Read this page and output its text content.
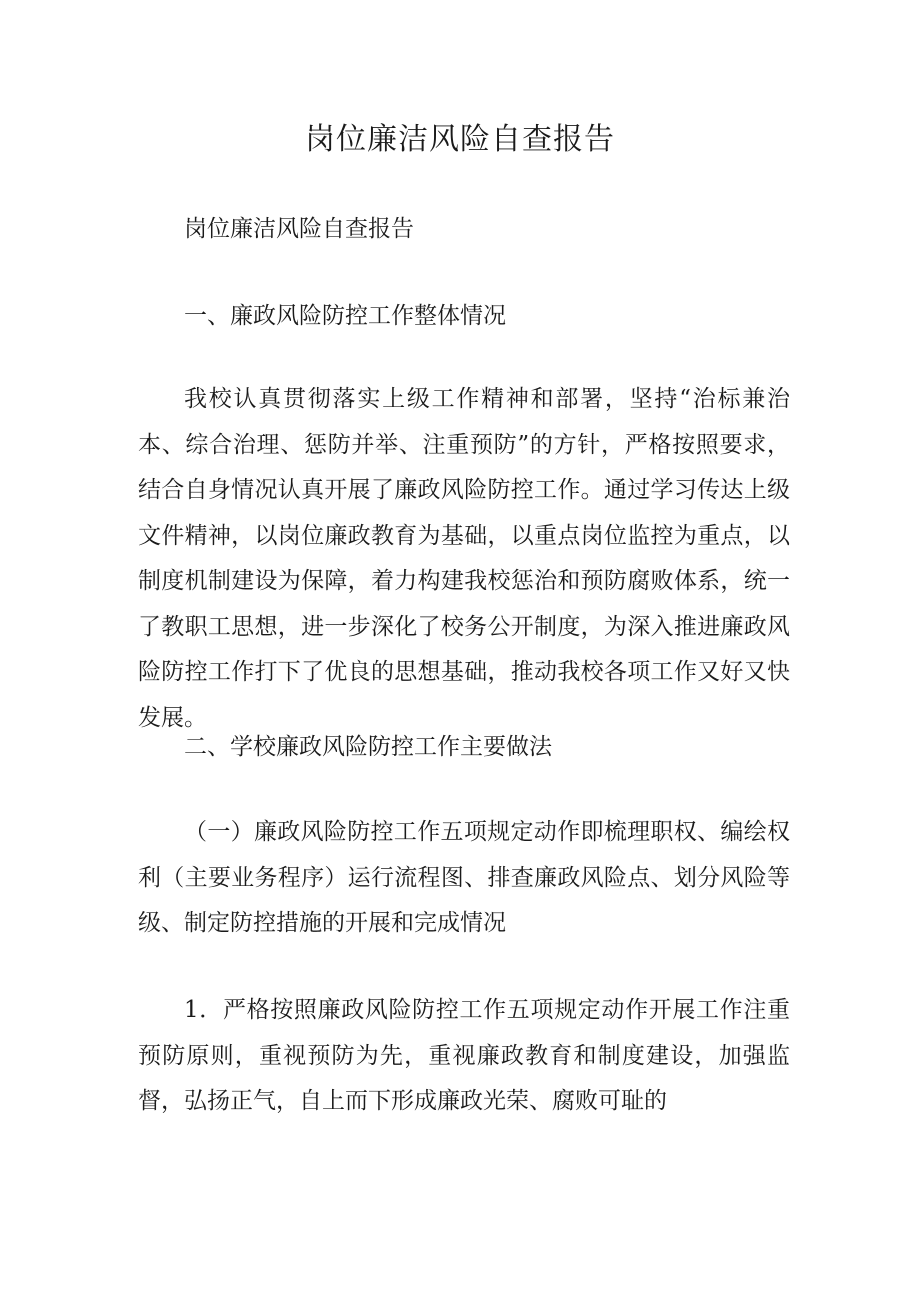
岗位廉洁风险自查报告

岗位廉洁风险自查报告

一、廉政风险防控工作整体情况

我校认真贯彻落实上级工作精神和部署，坚持“治标兼治本、综合治理、惩防并举、注重预防”的方针，严格按照要求，结合自身情况认真开展了廉政风险防控工作。通过学习传达上级文件精神，以岗位廉政教育为基础，以重点岗位监控为重点，以制度机制建设为保障，着力构建我校惩治和预防腐败体系，统一了教职工思想，进一步深化了校务公开制度，为深入推进廉政风险防控工作打下了优良的思想基础，推动我校各项工作又好又快发展。

二、学校廉政风险防控工作主要做法

（一）廉政风险防控工作五项规定动作即梳理职权、编绘权利（主要业务程序）运行流程图、排查廉政风险点、划分风险等级、制定防控措施的开展和完成情况

1．严格按照廉政风险防控工作五项规定动作开展工作注重预防原则，重视预防为先，重视廉政教育和制度建设，加强监督，弘扬正气，自上而下形成廉政光荣、腐败可耻的
